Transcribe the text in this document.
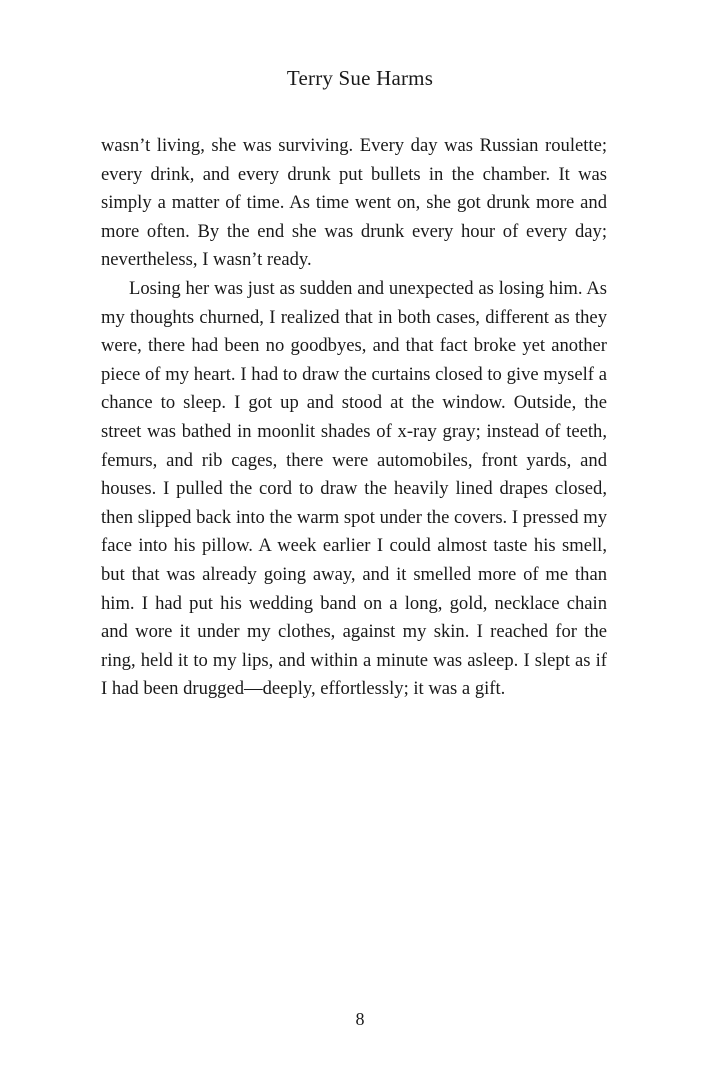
Terry Sue Harms

wasn’t living, she was surviving. Every day was Russian roulette; every drink, and every drunk put bullets in the chamber. It was simply a matter of time. As time went on, she got drunk more and more often. By the end she was drunk every hour of every day; nevertheless, I wasn’t ready.

Losing her was just as sudden and unexpected as losing him. As my thoughts churned, I realized that in both cases, different as they were, there had been no goodbyes, and that fact broke yet another piece of my heart. I had to draw the curtains closed to give myself a chance to sleep. I got up and stood at the window. Outside, the street was bathed in moonlit shades of x-ray gray; instead of teeth, femurs, and rib cages, there were automobiles, front yards, and houses. I pulled the cord to draw the heavily lined drapes closed, then slipped back into the warm spot under the covers. I pressed my face into his pillow. A week earlier I could almost taste his smell, but that was already going away, and it smelled more of me than him. I had put his wedding band on a long, gold, necklace chain and wore it under my clothes, against my skin. I reached for the ring, held it to my lips, and within a minute was asleep. I slept as if I had been drugged—deeply, effortlessly; it was a gift.

8
